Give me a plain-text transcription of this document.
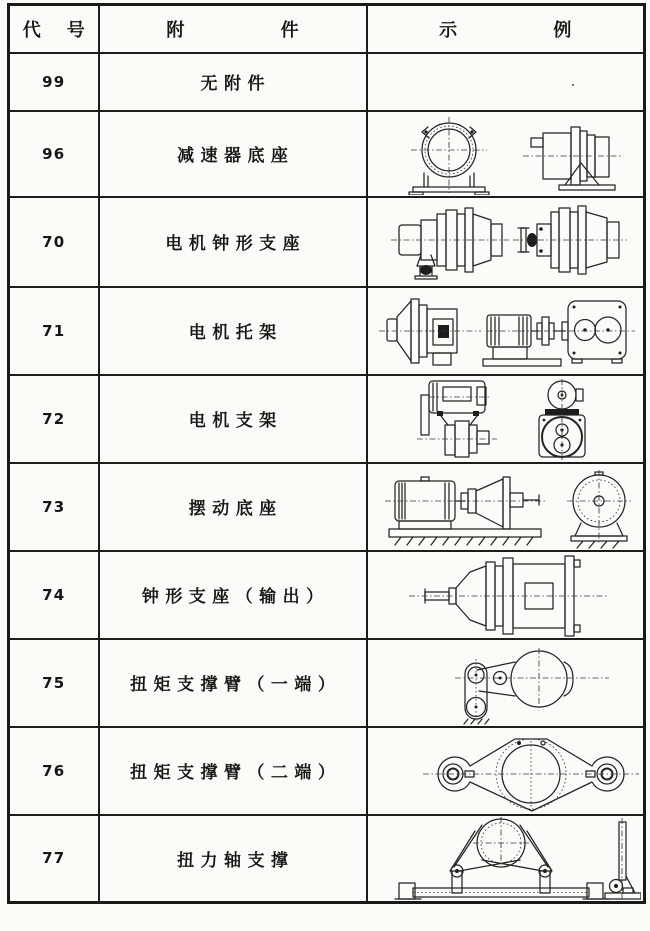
代 号	附 件	示 例
99	无附件	

96	减速器底座	

70	电机钟形支座	

71	电机托架	

72	电机支架	

73	摆动底座	

74	钟形支座（输出）	

75	扭矩支撑臂（一端）	

76	扭矩支撑臂（二端）	

77	扭力轴支撑	
